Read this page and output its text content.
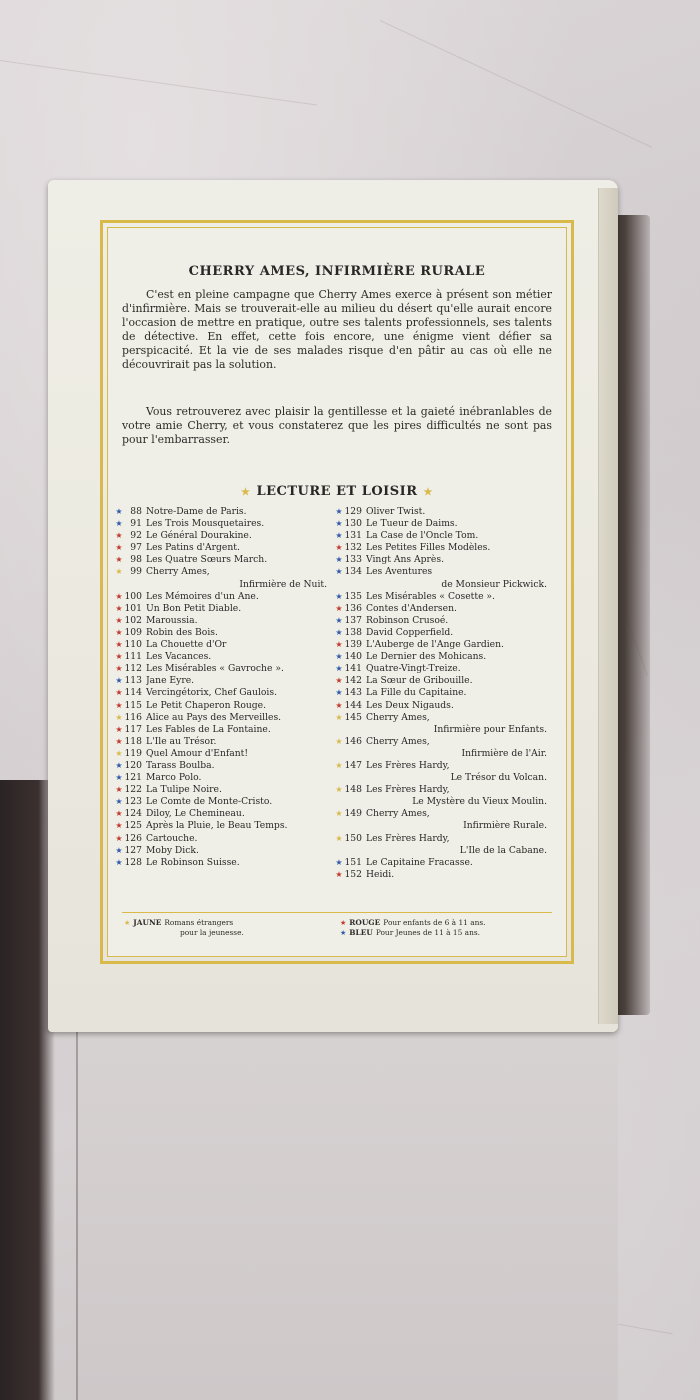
CHERRY AMES, INFIRMIÈRE RURALE

C'est en pleine campagne que Cherry Ames exerce à présent son métier d'infirmière. Mais se trouverait-elle au milieu du désert qu'elle aurait encore l'occasion de mettre en pratique, outre ses talents professionnels, ses talents de détective. En effet, cette fois encore, une énigme vient défier sa perspicacité. Et la vie de ses malades risque d'en pâtir au cas où elle ne découvrirait pas la solution.

Vous retrouverez avec plaisir la gentillesse et la gaieté inébranlables de votre amie Cherry, et vous constaterez que les pires difficultés ne sont pas pour l'embarrasser.

★ LECTURE ET LOISIR ★
★ 88 Notre-Dame de Paris.
★ 91 Les Trois Mousquetaires.
★ 92 Le Général Dourakine.
★ 97 Les Patins d'Argent.
★ 98 Les Quatre Sœurs March.
★ 99 Cherry Ames,
Infirmière de Nuit.
★ 100 Les Mémoires d'un Ane.
★ 101 Un Bon Petit Diable.
★ 102 Maroussia.
★ 109 Robin des Bois.
★ 110 La Chouette d'Or
★ 111 Les Vacances.
★ 112 Les Misérables « Gavroche ».
★ 113 Jane Eyre.
★ 114 Vercingétorix, Chef Gaulois.
★ 115 Le Petit Chaperon Rouge.
★ 116 Alice au Pays des Merveilles.
★ 117 Les Fables de La Fontaine.
★ 118 L'Ile au Trésor.
★ 119 Quel Amour d'Enfant!
★ 120 Tarass Boulba.
★ 121 Marco Polo.
★ 122 La Tulipe Noire.
★ 123 Le Comte de Monte-Cristo.
★ 124 Diloy, Le Chemineau.
★ 125 Après la Pluie, le Beau Temps.
★ 126 Cartouche.
★ 127 Moby Dick.
★ 128 Le Robinson Suisse.
★ 129 Oliver Twist.
★ 130 Le Tueur de Daims.
★ 131 La Case de l'Oncle Tom.
★ 132 Les Petites Filles Modèles.
★ 133 Vingt Ans Après.
★ 134 Les Aventures
de Monsieur Pickwick.
★ 135 Les Misérables « Cosette ».
★ 136 Contes d'Andersen.
★ 137 Robinson Crusoé.
★ 138 David Copperfield.
★ 139 L'Auberge de l'Ange Gardien.
★ 140 Le Dernier des Mohicans.
★ 141 Quatre-Vingt-Treize.
★ 142 La Sœur de Gribouille.
★ 143 La Fille du Capitaine.
★ 144 Les Deux Nigauds.
★ 145 Cherry Ames,
Infirmière pour Enfants.
★ 146 Cherry Ames,
Infirmière de l'Air.
★ 147 Les Frères Hardy,
Le Trésor du Volcan.
★ 148 Les Frères Hardy,
Le Mystère du Vieux Moulin.
★ 149 Cherry Ames,
Infirmière Rurale.
★ 150 Les Frères Hardy,
L'Ile de la Cabane.
★ 151 Le Capitaine Fracasse.
★ 152 Heidi.
★ JAUNE Romans étrangers
pour la jeunesse.
★ ROUGE Pour enfants de 6 à 11 ans.
★ BLEU Pour Jeunes de 11 à 15 ans.
